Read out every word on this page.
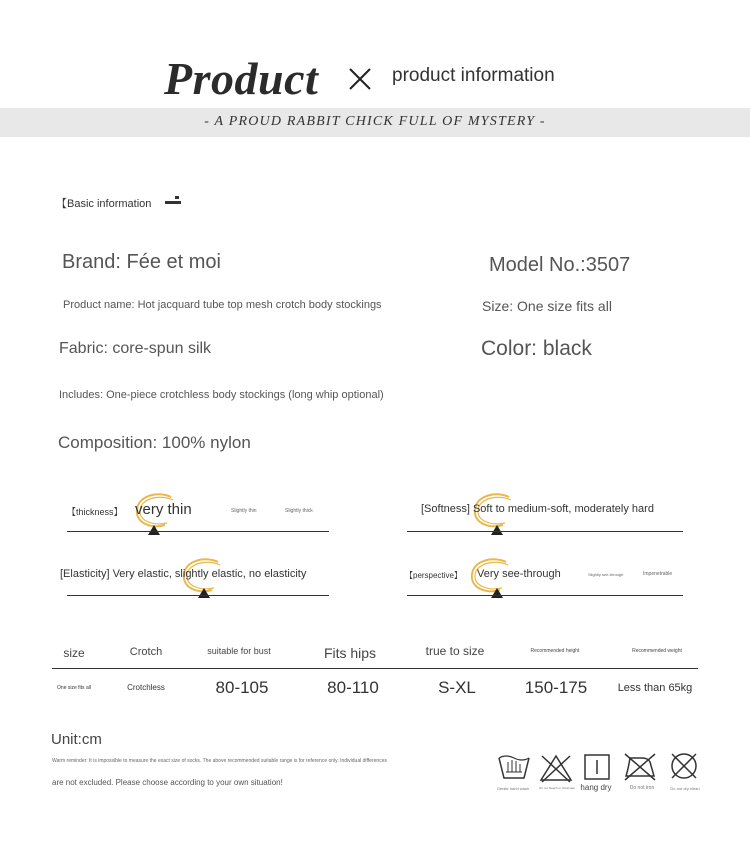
Product	product information
- A PROUD RABBIT CHICK FULL OF MYSTERY -
【Basic information
Brand: Fée et moi	Model No.:3507
Product name: Hot jacquard tube top mesh crotch body stockings	Size: One size fits all
Fabric: core-spun silk	Color: black
Includes: One-piece crotchless body stockings (long whip optional)
Composition: 100% nylon
【thickness】 very thin	Slightly thin	Slightly thick	[Softness] Soft to medium-soft, moderately hard
[Elasticity] Very elastic, slightly elastic, no elasticity	【perspective】 Very see-through	Slightly see-through	Impenetrable
size	Crotch	suitable for bust	Fits hips	true to size	Recommended height	Recommended weight
One size fits all	Crotchless	80-105	80-110	S-XL	150-175	Less than 65kg
Unit:cm
Warm reminder: It is impossible to measure the exact size of socks. The above recommended suitable range is for reference only. Individual differences
are not excluded. Please choose according to your own situation!
Gentle hand wash	Do not bleach or chlorinate hang dry	Do not iron	Do not dry clean
